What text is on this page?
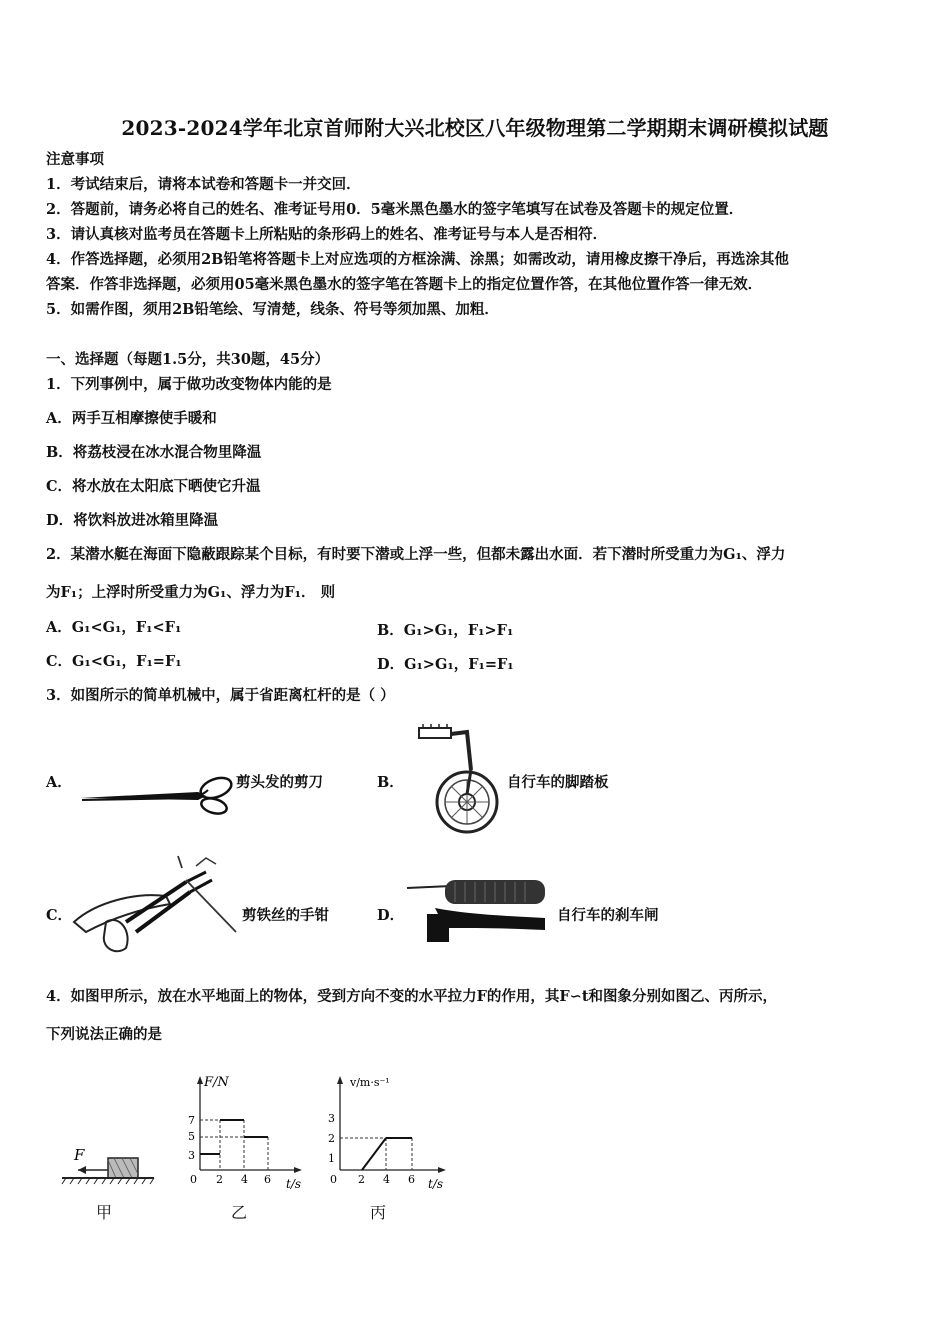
2023-2024学年北京首师附大兴北校区八年级物理第二学期期末调研模拟试题
注意事项
1．考试结束后，请将本试卷和答题卡一并交回．
2．答题前，请务必将自己的姓名、准考证号用0．5毫米黑色墨水的签字笔填写在试卷及答题卡的规定位置．
3．请认真核对监考员在答题卡上所粘贴的条形码上的姓名、准考证号与本人是否相符．
4．作答选择题，必须用2B铅笔将答题卡上对应选项的方框涂满、涂黑；如需改动，请用橡皮擦干净后，再选涂其他
答案．作答非选择题，必须用05毫米黑色墨水的签字笔在答题卡上的指定位置作答，在其他位置作答一律无效．
5．如需作图，须用2B铅笔绘、写清楚，线条、符号等须加黑、加粗．
一、选择题（每题1.5分，共30题，45分）
1．下列事例中，属于做功改变物体内能的是
A．两手互相摩擦使手暖和
B．将荔枝浸在冰水混合物里降温
C．将水放在太阳底下晒使它升温
D．将饮料放进冰箱里降温
2．某潜水艇在海面下隐蔽跟踪某个目标，有时要下潜或上浮一些，但都未露出水面．若下潜时所受重力为G₁、浮力
为F₁；上浮时所受重力为G₁、浮力为F₁． 则
A．G₁<G₁，F₁<F₁	B．G₁>G₁，F₁>F₁
C．G₁<G₁，F₁=F₁	D．G₁>G₁，F₁=F₁
3．如图所示的简单机械中，属于省距离杠杆的是（ ）
A．	剪头发的剪刀	B．	自行车的脚踏板
C．	剪铁丝的手钳	D．	自行车的刹车闸
4．如图甲所示，放在水平地面上的物体，受到方向不变的水平拉力F的作用，其F∽t和图象分别如图乙、丙所示，
下列说法正确的是
F
甲
F/N
t/s
7
5
3
0 2 4 6
乙
v/m·s⁻¹
t/s
3
2
1
0 2 4 6
丙
